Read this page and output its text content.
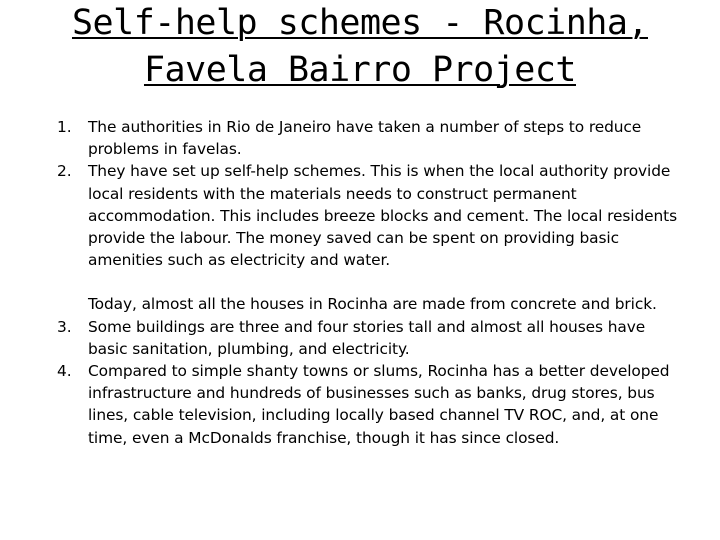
Self-help schemes - Rocinha,
Favela Bairro Project
1. The authorities in Rio de Janeiro have taken a number of steps to reduce problems in favelas.
2. They have set up self-help schemes. This is when the local authority provide local residents with the materials needs to construct permanent accommodation. This includes breeze blocks and cement. The local residents provide the labour. The money saved can be spent on providing basic amenities such as electricity and water.
Today, almost all the houses in Rocinha are made from concrete and brick.
3. Some buildings are three and four stories tall and almost all houses have basic sanitation, plumbing, and electricity.
4. Compared to simple shanty towns or slums, Rocinha has a better developed infrastructure and hundreds of businesses such as banks, drug stores, bus lines, cable television, including locally based channel TV ROC, and, at one time, even a McDonalds franchise, though it has since closed.
